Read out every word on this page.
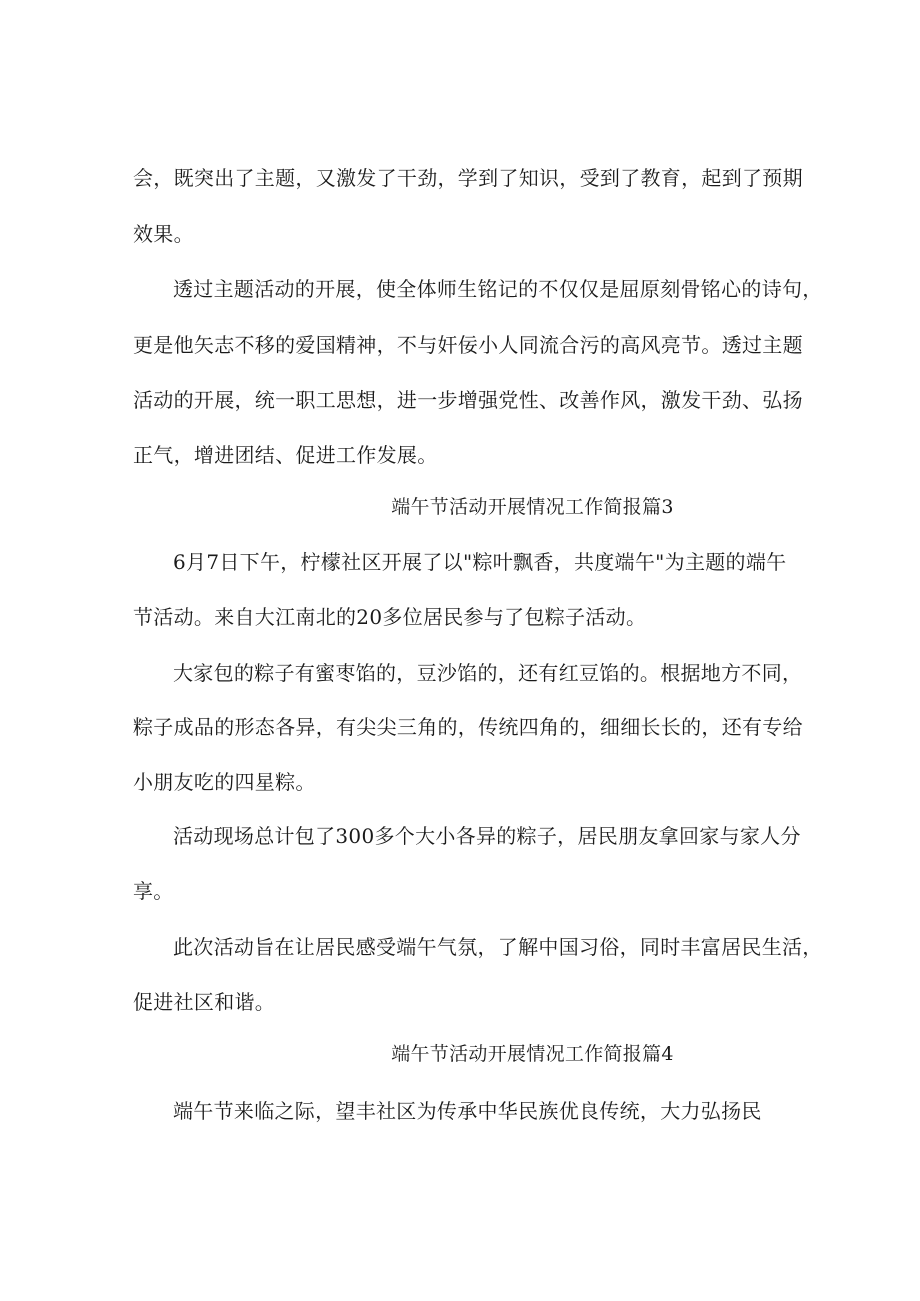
会，既突出了主题，又激发了干劲，学到了知识，受到了教育，起到了预期
效果。
透过主题活动的开展，使全体师生铭记的不仅仅是屈原刻骨铭心的诗句，
更是他矢志不移的爱国精神，不与奸佞小人同流合污的高风亮节。透过主题
活动的开展，统一职工思想，进一步增强党性、改善作风，激发干劲、弘扬
正气，增进团结、促进工作发展。
端午节活动开展情况工作简报篇3
6月7日下午，柠檬社区开展了以"粽叶飘香，共度端午"为主题的端午
节活动。来自大江南北的20多位居民参与了包粽子活动。
大家包的粽子有蜜枣馅的，豆沙馅的，还有红豆馅的。根据地方不同，
粽子成品的形态各异，有尖尖三角的，传统四角的，细细长长的，还有专给
小朋友吃的四星粽。
活动现场总计包了300多个大小各异的粽子，居民朋友拿回家与家人分
享。
此次活动旨在让居民感受端午气氛，了解中国习俗，同时丰富居民生活，
促进社区和谐。
端午节活动开展情况工作简报篇4
端午节来临之际，望丰社区为传承中华民族优良传统，大力弘扬民
